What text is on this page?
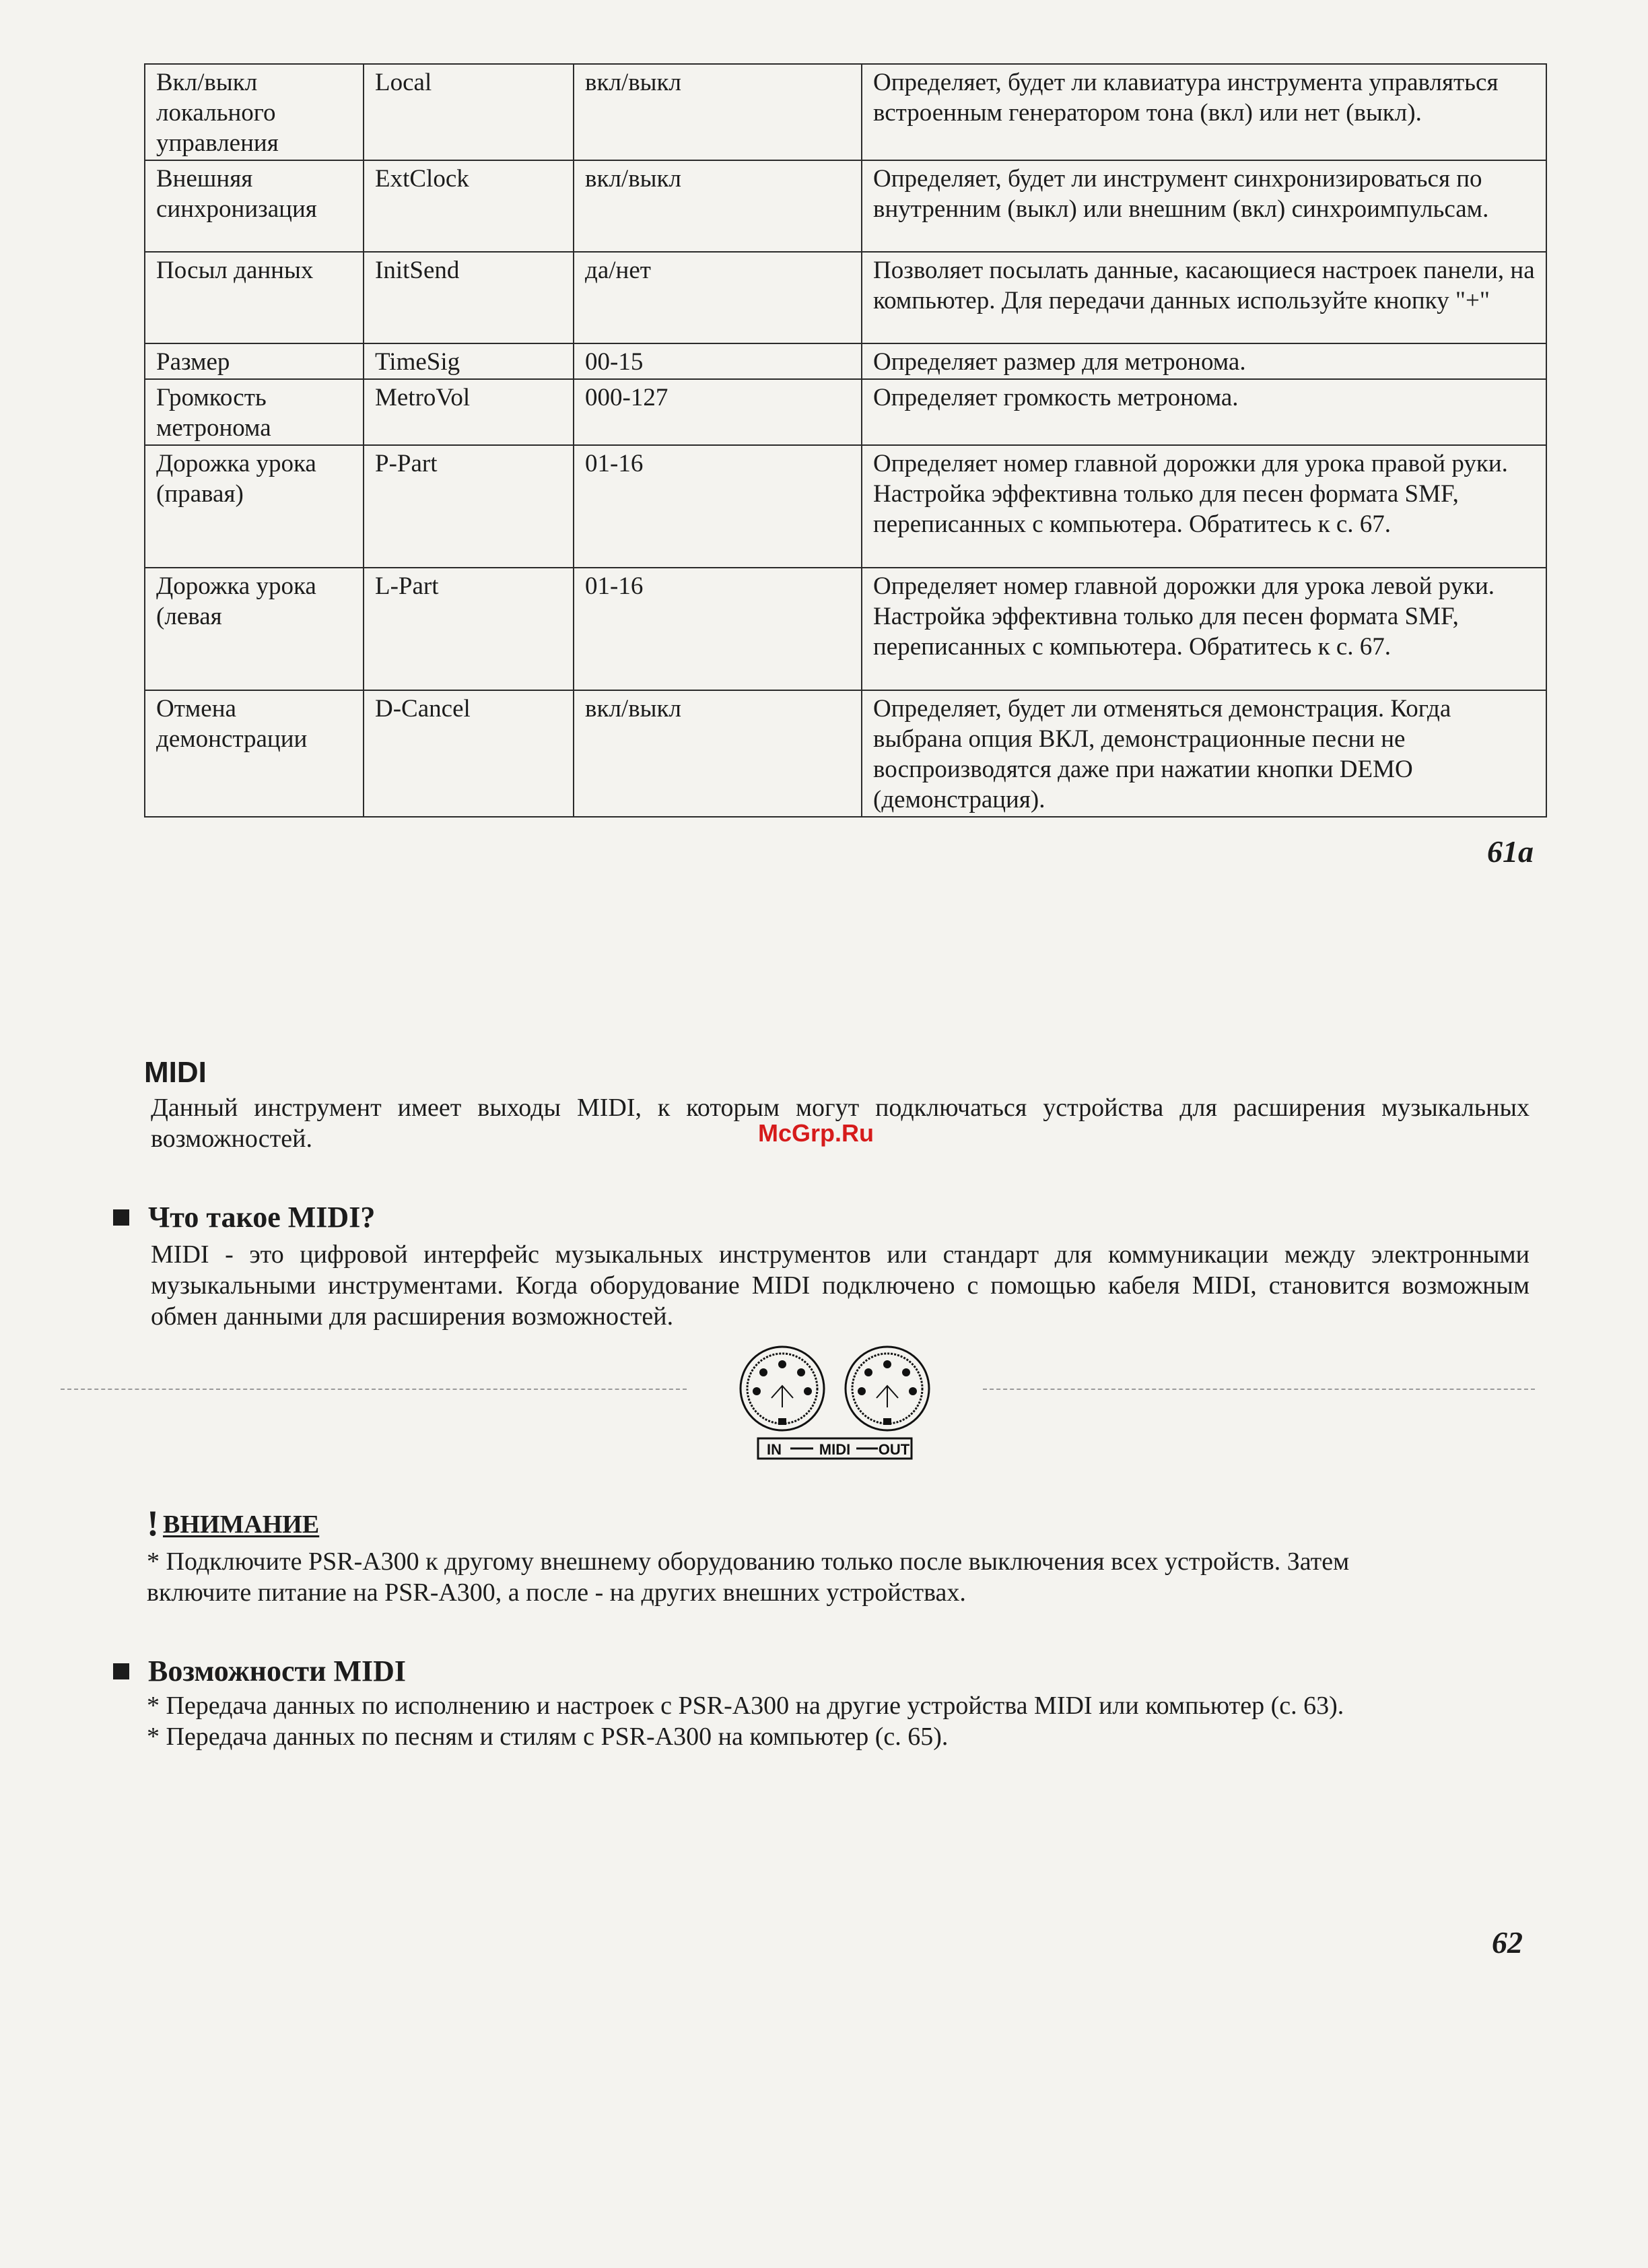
Вкл/выкл локального управления	Local	вкл/выкл	Определяет, будет ли клавиатура инструмента управляться встроенным генератором тона (вкл) или нет (выкл).
Внешняя синхронизация	ExtClock	вкл/выкл	Определяет, будет ли инструмент синхронизироваться по внутренним (выкл) или внешним (вкл) синхроимпульсам.
Посыл данных	InitSend	да/нет	Позволяет посылать данные, касающиеся настроек панели, на компьютер. Для передачи данных используйте кнопку "+"
Размер	TimeSig	00-15	Определяет размер для метронома.
Громкость метронома	MetroVol	000-127	Определяет громкость метронома.
Дорожка урока (правая)	P-Part	01-16	Определяет номер главной дорожки для урока правой руки. Настройка эффективна только для песен формата SMF, переписанных с компьютера. Обратитесь к с. 67.
Дорожка урока (левая	L-Part	01-16	Определяет номер главной дорожки для урока левой руки. Настройка эффективна только для песен формата SMF, переписанных с компьютера. Обратитесь к с. 67.
Отмена демонстрации	D-Cancel	вкл/выкл	Определяет, будет ли отменяться демонстрация. Когда выбрана опция ВКЛ, демонстрационные песни не воспроизводятся даже при нажатии кнопки DEMO (демонстрация).
61a
MIDI
Данный инструмент имеет выходы MIDI, к которым могут подключаться устройства для расширения музыкальных возможностей.	McGrp.Ru
Что такое MIDI?
MIDI - это цифровой интерфейс музыкальных инструментов или стандарт для коммуникации между электронными музыкальными инструментами. Когда оборудование MIDI подключено с помощью кабеля MIDI, становится возможным обмен данными для расширения возможностей.
IN	MIDI OUT
! ВНИМАНИЕ
* Подключите PSR-A300 к другому внешнему оборудованию только после выключения всех устройств. Затем
включите питание на PSR-A300, а после - на других внешних устройствах.
Возможности MIDI
* Передача данных по исполнению и настроек с PSR-A300 на другие устройства MIDI или компьютер (с. 63).
* Передача данных по песням и стилям с PSR-A300 на компьютер (с. 65).
62
